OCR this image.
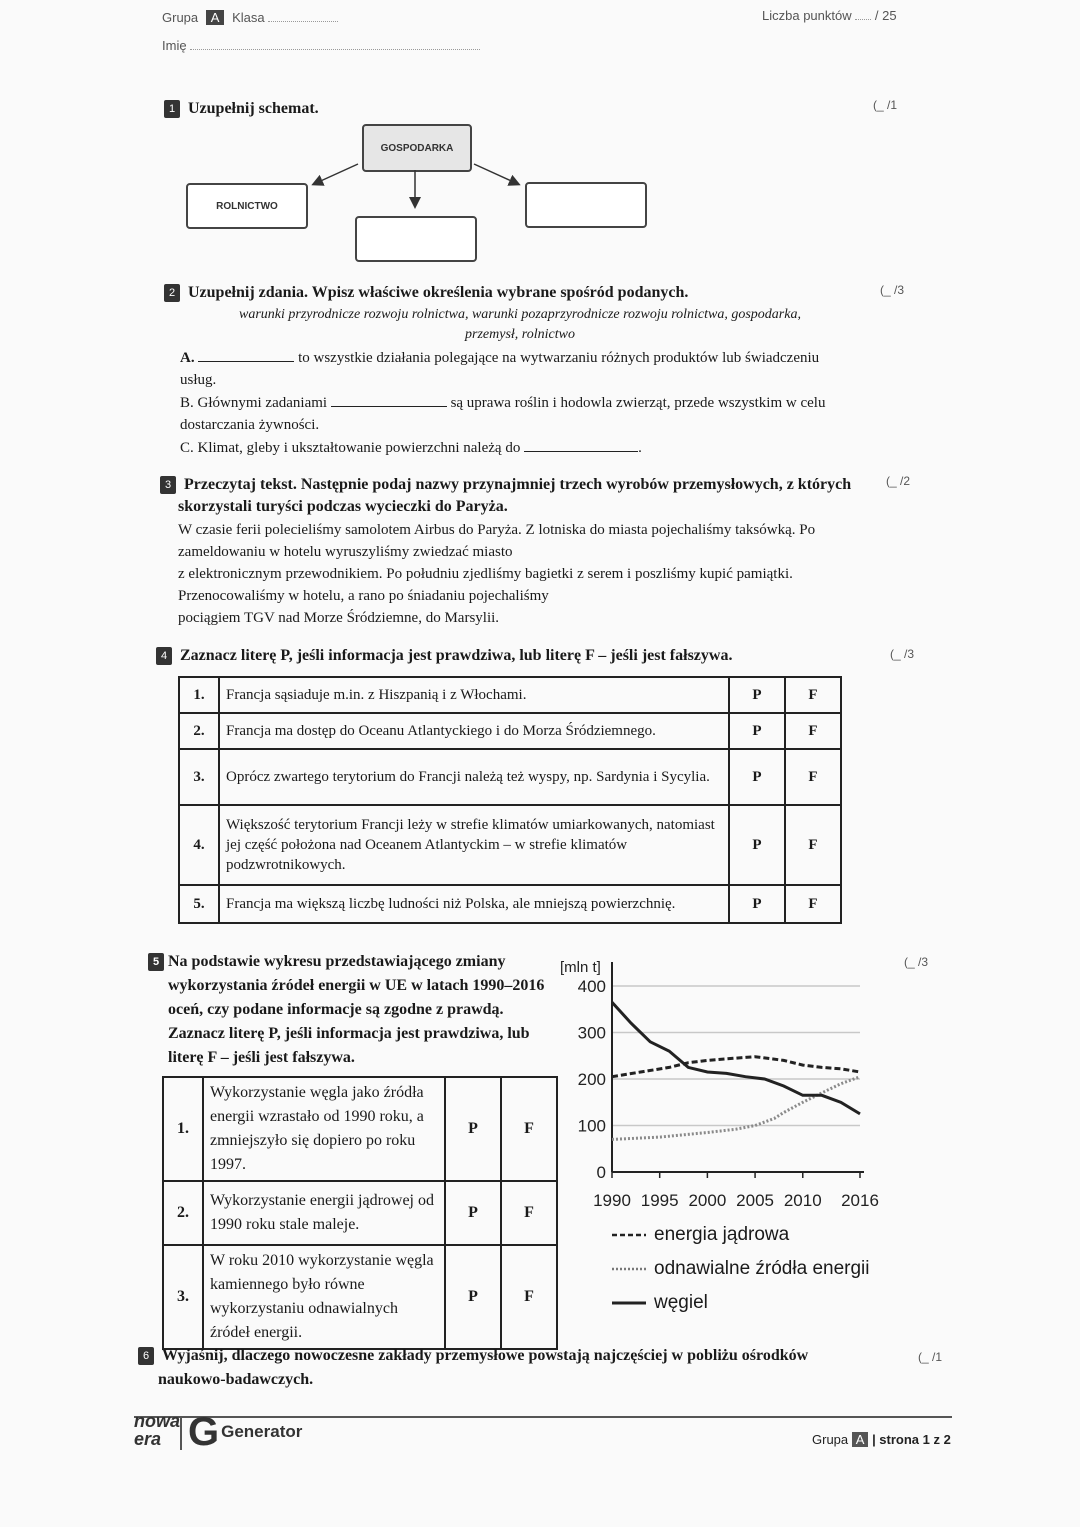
Grupa A Klasa
Imię
Liczba punktów / 25
1 Uzupełnij schemat.	(_ /1
GOSPODARKA
ROLNICTWO
2 Uzupełnij zdania. Wpisz właściwe określenia wybrane spośród podanych.	(_ /3
warunki przyrodnicze rozwoju rolnictwa, warunki pozaprzyrodnicze rozwoju rolnictwa, gospodarka,
przemysł, rolnictwo
A.	to wszystkie działania polegające na wytwarzaniu różnych produktów lub świadczeniu
usług.
B. Głównymi zadaniami	są uprawa roślin i hodowla zwierząt, przede wszystkim w celu
dostarczania żywności.
C. Klimat, gleby i ukształtowanie powierzchni należą do	.
3 Przeczytaj tekst. Następnie podaj nazwy przynajmniej trzech wyrobów przemysłowych, z których
skorzystali turyści podczas wycieczki do Paryża.
(_ /2
W czasie ferii polecieliśmy samolotem Airbus do Paryża. Z lotniska do miasta pojechaliśmy taksówką. Po
zameldowaniu w hotelu wyruszyliśmy zwiedzać miasto
z elektronicznym przewodnikiem. Po południu zjedliśmy bagietki z serem i poszliśmy kupić pamiątki.
Przenocowaliśmy w hotelu, a rano po śniadaniu pojechaliśmy
pociągiem TGV nad Morze Śródziemne, do Marsylii.
4 Zaznacz literę P, jeśli informacja jest prawdziwa, lub literę F – jeśli jest fałszywa.	(_ /3
1.	Francja sąsiaduje m.in. z Hiszpanią i z Włochami.	P	F
2.	Francja ma dostęp do Oceanu Atlantyckiego i do Morza Śródziemnego.	P	F
3.	Oprócz zwartego terytorium do Francji należą też wyspy, np. Sardynia i Sycylia.	P	F
4.	Większość terytorium Francji leży w strefie klimatów umiarkowanych, natomiast jej część położona nad Oceanem Atlantyckim – w strefie klimatów podzwrotnikowych.	P	F
5.	Francja ma większą liczbę ludności niż Polska, ale mniejszą powierzchnię.	P	F
5 Na podstawie wykresu przedstawiającego zmiany
wykorzystania źródeł energii w UE w latach 1990–2016
oceń, czy podane informacje są zgodne z prawdą.
Zaznacz literę P, jeśli informacja jest prawdziwa, lub
literę F – jeśli jest fałszywa.
(_ /3
1.	Wykorzystanie węgla jako źródła energii wzrastało od 1990 roku, a zmniejszyło się dopiero po roku 1997.	P	F
2.	Wykorzystanie energii jądrowej od 1990 roku stale maleje.	P	F
3.	W roku 2010 wykorzystanie węgla kamiennego było równe wykorzystaniu odnawialnych źródeł energii.	P	F
[mln t]
0
100
200
300
400
1990 1995 2000 2005 2010 2016
energia jądrowa
odnawialne źródła energii
węgiel
6 Wyjaśnij, dlaczego nowoczesne zakłady przemysłowe powstają najczęściej w pobliżu ośrodków
naukowo-badawczych.
(_ /1
nowa
era G Generator	Grupa A | strona 1 z 2
